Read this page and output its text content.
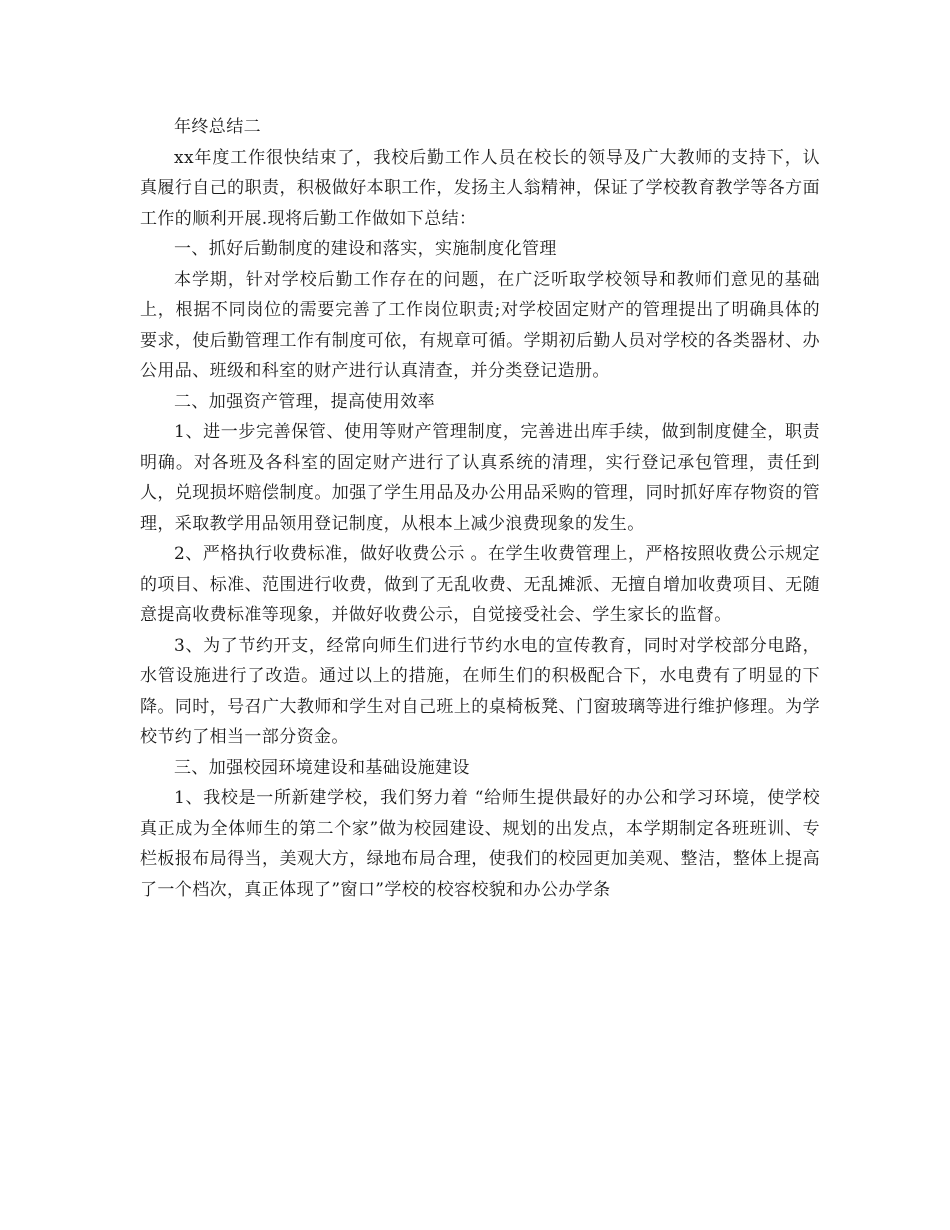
年终总结二

xx年度工作很快结束了，我校后勤工作人员在校长的领导及广大教师的支持下，认真履行自己的职责，积极做好本职工作，发扬主人翁精神，保证了学校教育教学等各方面工作的顺利开展.现将后勤工作做如下总结：

一、抓好后勤制度的建设和落实，实施制度化管理

本学期，针对学校后勤工作存在的问题，在广泛听取学校领导和教师们意见的基础上，根据不同岗位的需要完善了工作岗位职责;对学校固定财产的管理提出了明确具体的要求，使后勤管理工作有制度可依，有规章可循。学期初后勤人员对学校的各类器材、办公用品、班级和科室的财产进行认真清查，并分类登记造册。

二、加强资产管理，提高使用效率

1、进一步完善保管、使用等财产管理制度，完善进出库手续，做到制度健全，职责明确。对各班及各科室的固定财产进行了认真系统的清理，实行登记承包管理，责任到人，兑现损坏赔偿制度。加强了学生用品及办公用品采购的管理，同时抓好库存物资的管理，采取教学用品领用登记制度，从根本上减少浪费现象的发生。

2、严格执行收费标准，做好收费公示 。在学生收费管理上，严格按照收费公示规定的项目、标准、范围进行收费，做到了无乱收费、无乱摊派、无擅自增加收费项目、无随意提高收费标准等现象，并做好收费公示，自觉接受社会、学生家长的监督。

3、为了节约开支，经常向师生们进行节约水电的宣传教育，同时对学校部分电路，水管设施进行了改造。通过以上的措施，在师生们的积极配合下，水电费有了明显的下降。同时，号召广大教师和学生对自己班上的桌椅板凳、门窗玻璃等进行维护修理。为学校节约了相当一部分资金。

三、加强校园环境建设和基础设施建设

1、我校是一所新建学校，我们努力着 “给师生提供最好的办公和学习环境，使学校真正成为全体师生的第二个家”做为校园建设、规划的出发点，本学期制定各班班训、专栏板报布局得当，美观大方，绿地布局合理，使我们的校园更加美观、整洁，整体上提高了一个档次，真正体现了”窗口”学校的校容校貌和办公办学条
